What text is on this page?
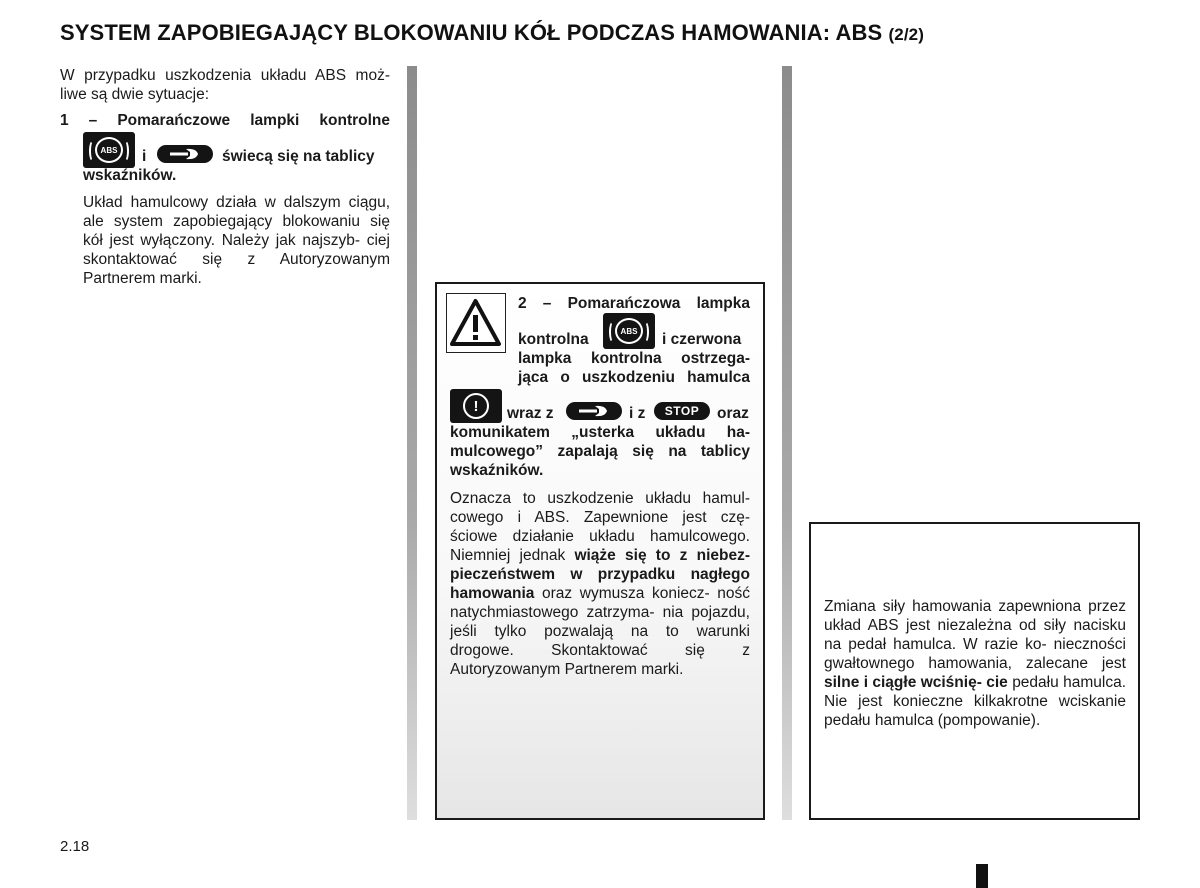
SYSTEM ZAPOBIEGAJĄCY BLOKOWANIU KÓŁ PODCZAS HAMOWANIA: ABS (2/2)
W przypadku uszkodzenia układu ABS moż- liwe są dwie sytuacje:
1 – Pomarańczowe lampki kontrolne
ABS	i	świecą się na tablicy
wskaźników.
Układ hamulcowy działa w dalszym ciągu, ale system zapobiegający blokowaniu się kół jest wyłączony. Należy jak najszyb- ciej skontaktować się z Autoryzowanym Partnerem marki.
2 – Pomarańczowa lampka
kontrolna	ABS	i czerwona
lampka kontrolna ostrzega-
jąca o uszkodzeniu hamulca
!	wraz z	i z	STOP	oraz
komunikatem „usterka układu ha- mulcowego” zapalają się na tablicy wskaźników.
Oznacza to uszkodzenie układu hamul- cowego i ABS. Zapewnione jest czę- ściowe działanie układu hamulcowego. Niemniej jednak wiąże się to z niebez- pieczeństwem w przypadku nagłego hamowania oraz wymusza koniecz- ność natychmiastowego zatrzyma- nia pojazdu, jeśli tylko pozwalają na to warunki drogowe. Skontaktować się z Autoryzowanym Partnerem marki.
Zmiana siły hamowania zapewniona przez układ ABS jest niezależna od siły nacisku na pedał hamulca. W razie ko- nieczności gwałtownego hamowania, zalecane jest silne i ciągłe wciśnię- cie pedału hamulca. Nie jest konieczne kilkakrotne wciskanie pedału hamulca (pompowanie).
2.18
